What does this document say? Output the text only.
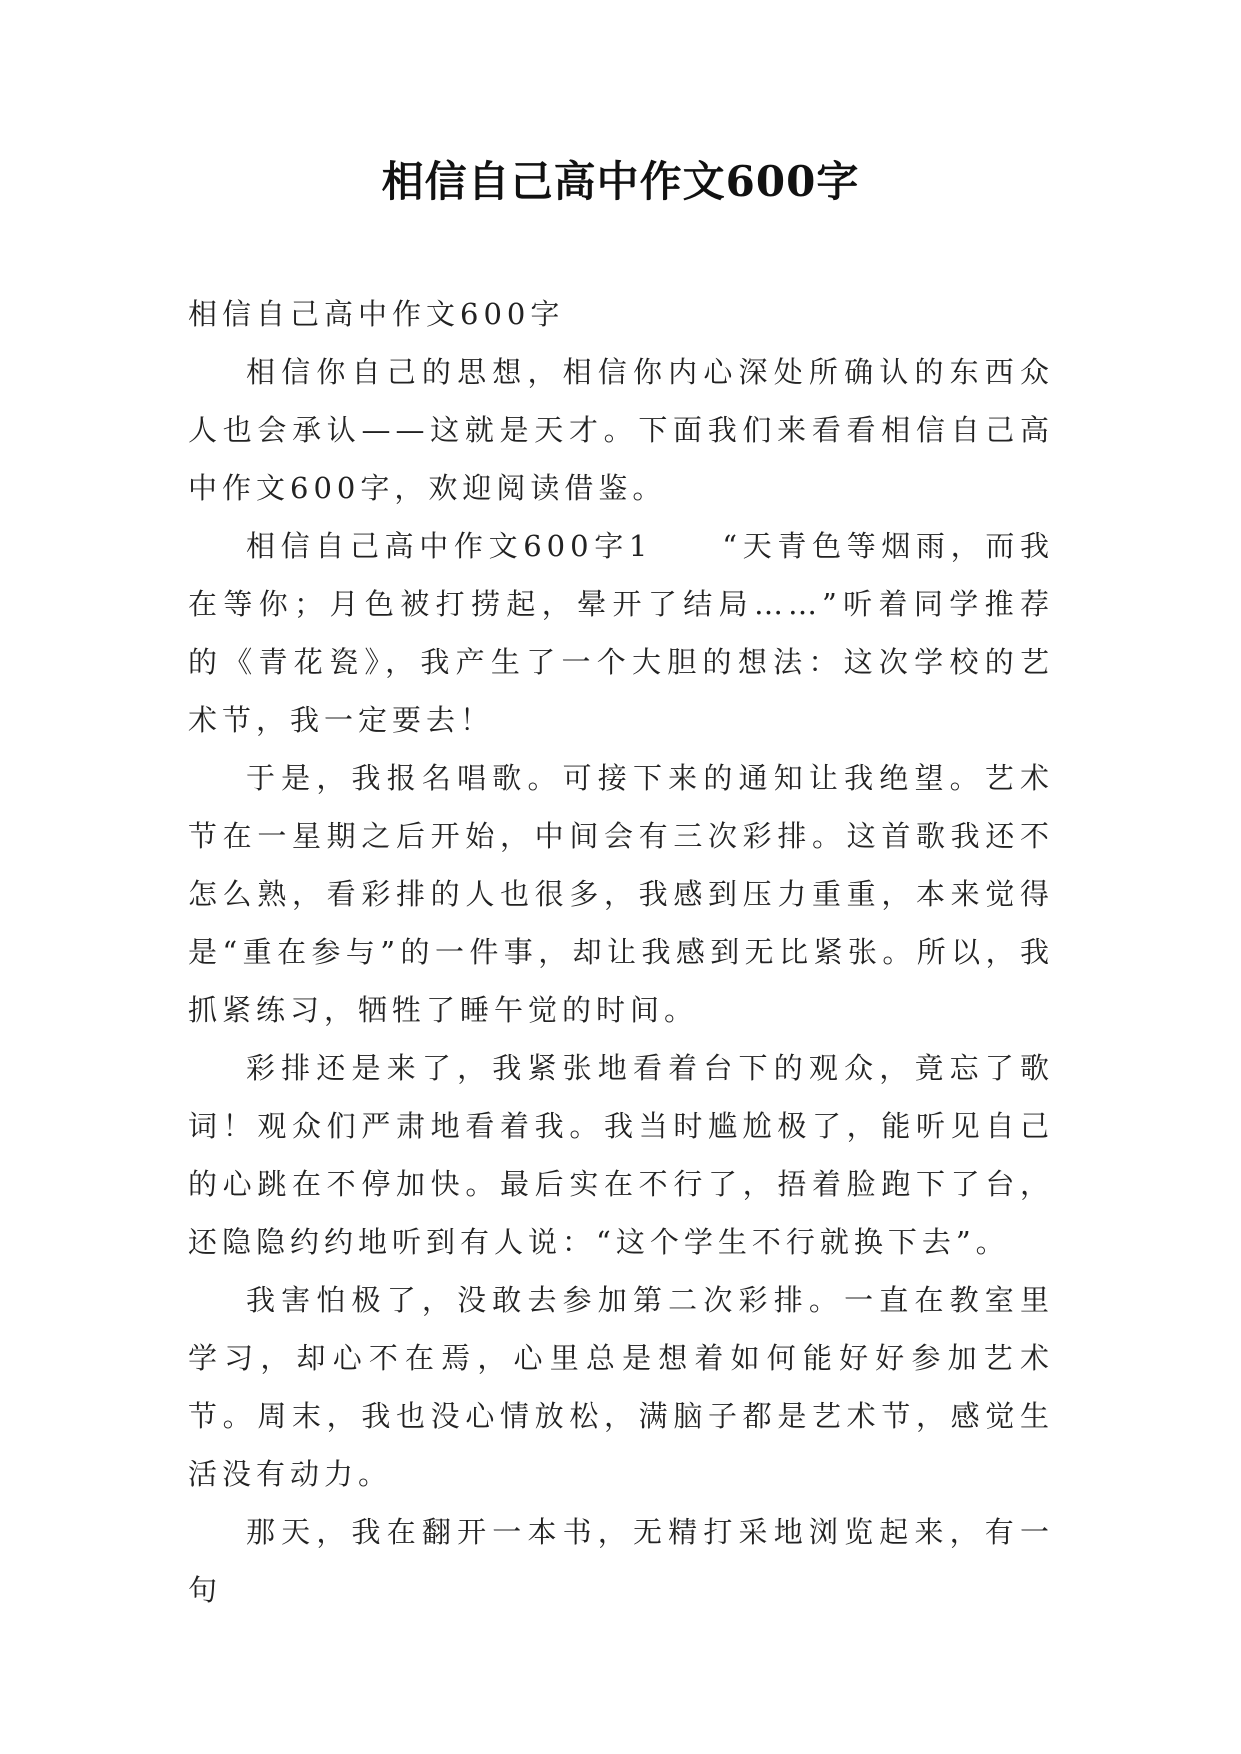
相信自己高中作文600字

相信自己高中作文600字

相信你自己的思想，相信你内心深处所确认的东西众人也会承认——这就是天才。下面我们来看看相信自己高中作文600字，欢迎阅读借鉴。

相信自己高中作文600字1　　“天青色等烟雨，而我在等你；月色被打捞起，晕开了结局……”听着同学推荐的《青花瓷》，我产生了一个大胆的想法：这次学校的艺术节，我一定要去！

于是，我报名唱歌。可接下来的通知让我绝望。艺术节在一星期之后开始，中间会有三次彩排。这首歌我还不怎么熟，看彩排的人也很多，我感到压力重重，本来觉得是“重在参与”的一件事，却让我感到无比紧张。所以，我抓紧练习，牺牲了睡午觉的时间。

彩排还是来了，我紧张地看着台下的观众，竟忘了歌词！观众们严肃地看着我。我当时尴尬极了，能听见自己的心跳在不停加快。最后实在不行了，捂着脸跑下了台，还隐隐约约地听到有人说：“这个学生不行就换下去”。

我害怕极了，没敢去参加第二次彩排。一直在教室里学习，却心不在焉，心里总是想着如何能好好参加艺术节。周末，我也没心情放松，满脑子都是艺术节，感觉生活没有动力。

那天，我在翻开一本书，无精打采地浏览起来，有一句
